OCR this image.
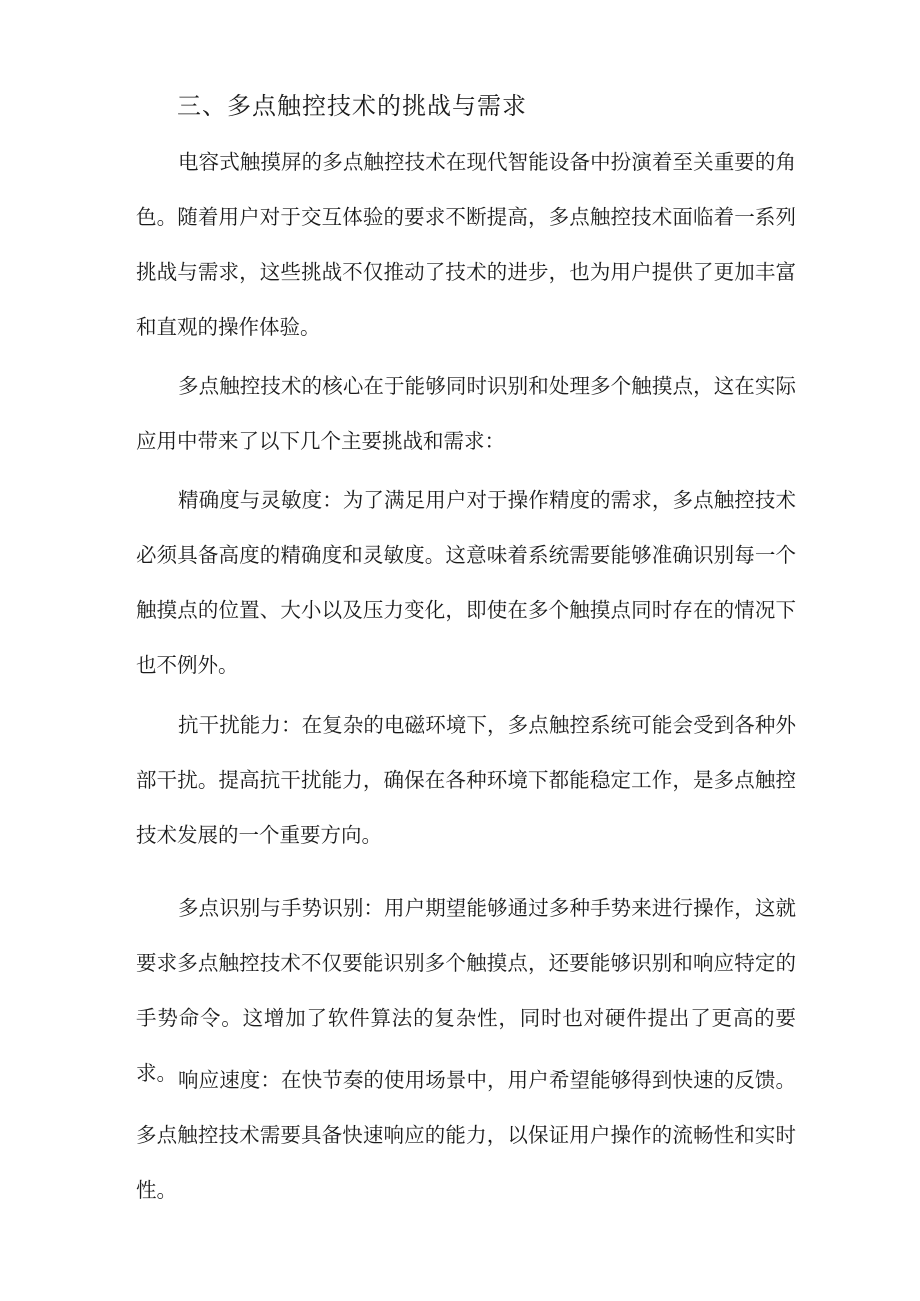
三、多点触控技术的挑战与需求

电容式触摸屏的多点触控技术在现代智能设备中扮演着至关重要的角色。随着用户对于交互体验的要求不断提高，多点触控技术面临着一系列挑战与需求，这些挑战不仅推动了技术的进步，也为用户提供了更加丰富和直观的操作体验。

多点触控技术的核心在于能够同时识别和处理多个触摸点，这在实际应用中带来了以下几个主要挑战和需求：

精确度与灵敏度：为了满足用户对于操作精度的需求，多点触控技术必须具备高度的精确度和灵敏度。这意味着系统需要能够准确识别每一个触摸点的位置、大小以及压力变化，即使在多个触摸点同时存在的情况下也不例外。

抗干扰能力：在复杂的电磁环境下，多点触控系统可能会受到各种外部干扰。提高抗干扰能力，确保在各种环境下都能稳定工作，是多点触控技术发展的一个重要方向。

多点识别与手势识别：用户期望能够通过多种手势来进行操作，这就要求多点触控技术不仅要能识别多个触摸点，还要能够识别和响应特定的手势命令。这增加了软件算法的复杂性，同时也对硬件提出了更高的要求。 响应速度：在快节奏的使用场景中，用户希望能够得到快速的反馈。多点触控技术需要具备快速响应的能力，以保证用户操作的流畅性和实时性。
